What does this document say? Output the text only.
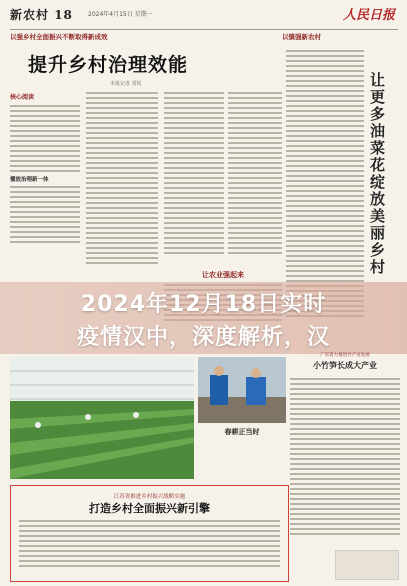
新农村 18	2024年4月15日 星期一	人民日报
以强乡村全面振兴不断取得新成效	以镇强新农村
提升乡村治理效能
本报记者 常钦
核心阅读
播放治理新一体	让更多油菜花绽放美丽乡村
让农业强起来
2024年12月18日实时
疫情汉中，深度解析，汉
春耕正当时
广东着力推进竹产业发展
小竹笋长成大产业
江苏省推进乡村振兴战略实施
打造乡村全面振兴新引擎
